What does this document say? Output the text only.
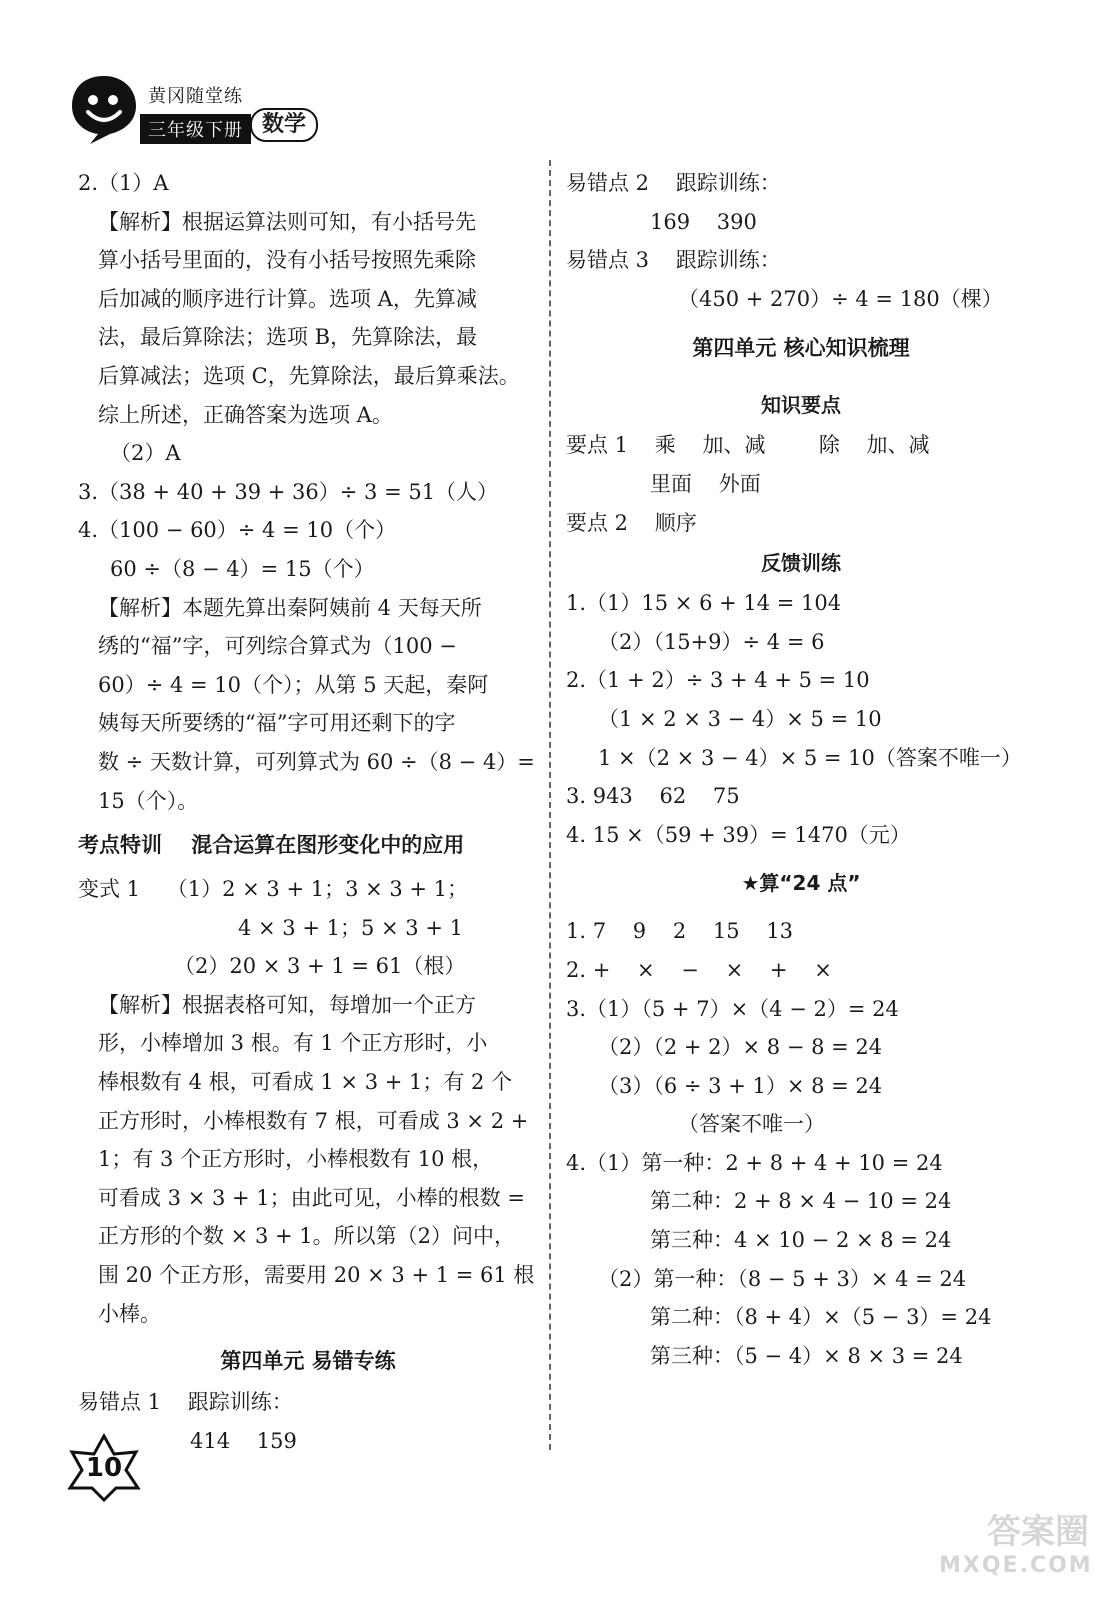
黄冈随堂练
三年级下册 数学
2.（1）A
【解析】根据运算法则可知，有小括号先
算小括号里面的，没有小括号按照先乘除
后加减的顺序进行计算。选项 A，先算减
法，最后算除法；选项 B，先算除法，最
后算减法；选项 C，先算除法，最后算乘法。
综上所述，正确答案为选项 A。
（2）A
3.（38 + 40 + 39 + 36）÷ 3 = 51（人）
4.（100 − 60）÷ 4 = 10（个）
60 ÷（8 − 4）= 15（个）
【解析】本题先算出秦阿姨前 4 天每天所
绣的“福”字，可列综合算式为（100 −
60）÷ 4 = 10（个）；从第 5 天起，秦阿
姨每天所要绣的“福”字可用还剩下的字
数 ÷ 天数计算，可列算式为 60 ÷（8 − 4）=
15（个）。
考点特训    混合运算在图形变化中的应用
变式 1    （1）2 × 3 + 1；3 × 3 + 1；
4 × 3 + 1；5 × 3 + 1
（2）20 × 3 + 1 = 61（根）
【解析】根据表格可知，每增加一个正方
形，小棒增加 3 根。有 1 个正方形时，小
棒根数有 4 根，可看成 1 × 3 + 1；有 2 个
正方形时，小棒根数有 7 根，可看成 3 × 2 +
1；有 3 个正方形时，小棒根数有 10 根，
可看成 3 × 3 + 1；由此可见，小棒的根数 =
正方形的个数 × 3 + 1。所以第（2）问中，
围 20 个正方形，需要用 20 × 3 + 1 = 61 根
小棒。
第四单元 易错专练
易错点 1    跟踪训练：
414    159
易错点 2    跟踪训练：
169    390
易错点 3    跟踪训练：
（450 + 270）÷ 4 = 180（棵）
第四单元 核心知识梳理
知识要点
要点 1    乘    加、减        除    加、减
里面    外面
要点 2    顺序
反馈训练
1.（1）15 × 6 + 14 = 104
（2）（15+9）÷ 4 = 6
2.（1 + 2）÷ 3 + 4 + 5 = 10
（1 × 2 × 3 − 4）× 5 = 10
1 ×（2 × 3 − 4）× 5 = 10（答案不唯一）
3. 943    62    75
4. 15 ×（59 + 39）= 1470（元）
★算“24 点”
1. 7    9    2    15    13
2. +    ×    −    ×    +    ×
3.（1）（5 + 7）×（4 − 2）= 24
（2）（2 + 2）× 8 − 8 = 24
（3）（6 ÷ 3 + 1）× 8 = 24
（答案不唯一）
4.（1）第一种：2 + 8 + 4 + 10 = 24
第二种：2 + 8 × 4 − 10 = 24
第三种：4 × 10 − 2 × 8 = 24
（2）第一种：（8 − 5 + 3）× 4 = 24
第二种：（8 + 4）×（5 − 3）= 24
第三种：（5 − 4）× 8 × 3 = 24
10
答案圈
MXQE.COM
